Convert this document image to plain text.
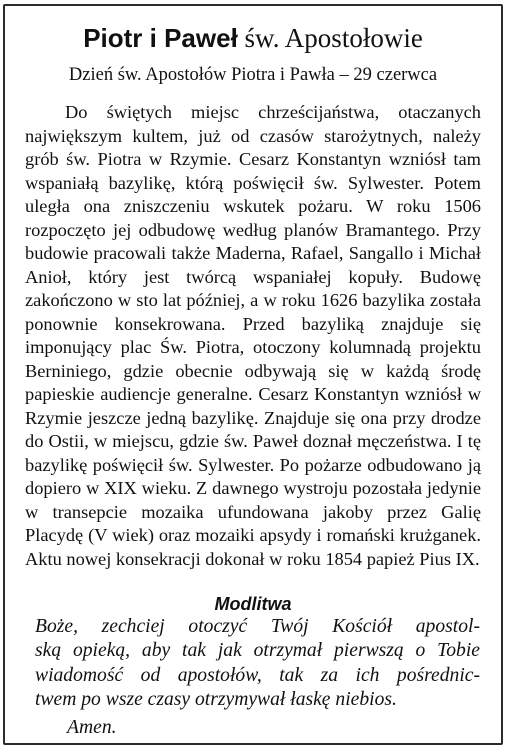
Piotr i Paweł św. Apostołowie
Dzień św. Apostołów Piotra i Pawła – 29 czerwca

Do świętych miejsc chrześcijaństwa, otaczanych największym kultem, już od czasów starożytnych, należy grób św. Piotra w Rzymie. Cesarz Konstantyn wzniósł tam wspaniałą bazylikę, którą poświęcił św. Sylwester. Potem uległa ona zniszczeniu wskutek pożaru. W roku 1506 rozpoczęto jej odbudowę według planów Bramantego. Przy budowie pracowali także Maderna, Rafael, Sangallo i Michał Anioł, który jest twórcą wspaniałej kopuły. Budowę zakończono w sto lat później, a w roku 1626 bazylika została ponownie konsekrowana. Przed bazyliką znajduje się imponujący plac Św. Piotra, otoczony kolumnadą projektu Berniniego, gdzie obecnie odbywają się w każdą środę papieskie audiencje generalne. Cesarz Konstantyn wzniósł w Rzymie jeszcze jedną bazylikę. Znajduje się ona przy drodze do Ostii, w miejscu, gdzie św. Paweł doznał męczeństwa. I tę bazylikę poświęcił św. Sylwester. Po pożarze odbudowano ją dopiero w XIX wieku. Z dawnego wystroju pozostała jedynie w transepcie mozaika ufundowana jakoby przez Galię Placydę (V wiek) oraz mozaiki apsydy i romański krużganek. Aktu nowej konsekracji dokonał w roku 1854 papież Pius IX.

Modlitwa
Boże, zechciej otoczyć Twój Kościół apostol-
ską opieką, aby tak jak otrzymał pierwszą o Tobie
wiadomość od apostołów, tak za ich pośrednic-
twem po wsze czasy otrzymywał łaskę niebios.
Amen.
